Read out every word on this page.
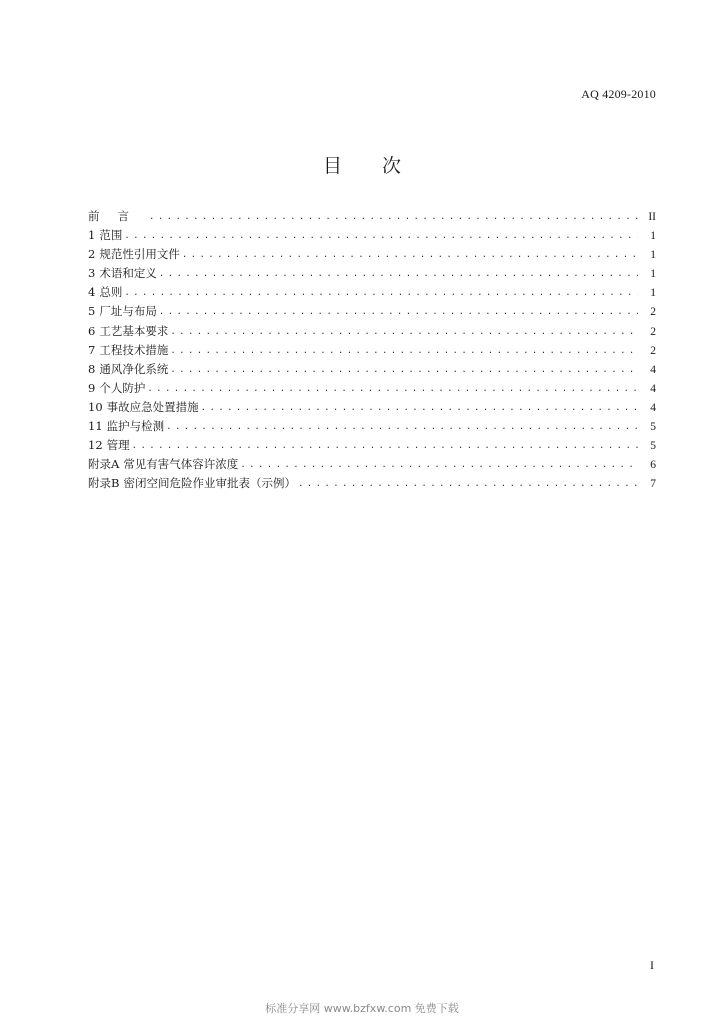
AQ 4209-2010
目 次
前言 .....	II
1 范围 .....	1
2 规范性引用文件 .....	1
3 术语和定义 .....	1
4 总则 .....	1
5 厂址与布局 .....	2
6 工艺基本要求 .....	2
7 工程技术措施 .....	2
8 通风净化系统 .....	4
9 个人防护 .....	4
10 事故应急处置措施 .....	4
11 监护与检测 .....	5
12 管理 .....	5
附录A 常见有害气体容许浓度 .....	6
附录B 密闭空间危险作业审批表（示例） .....	7
I
标准分享网 www.bzfxw.com 免费下载
